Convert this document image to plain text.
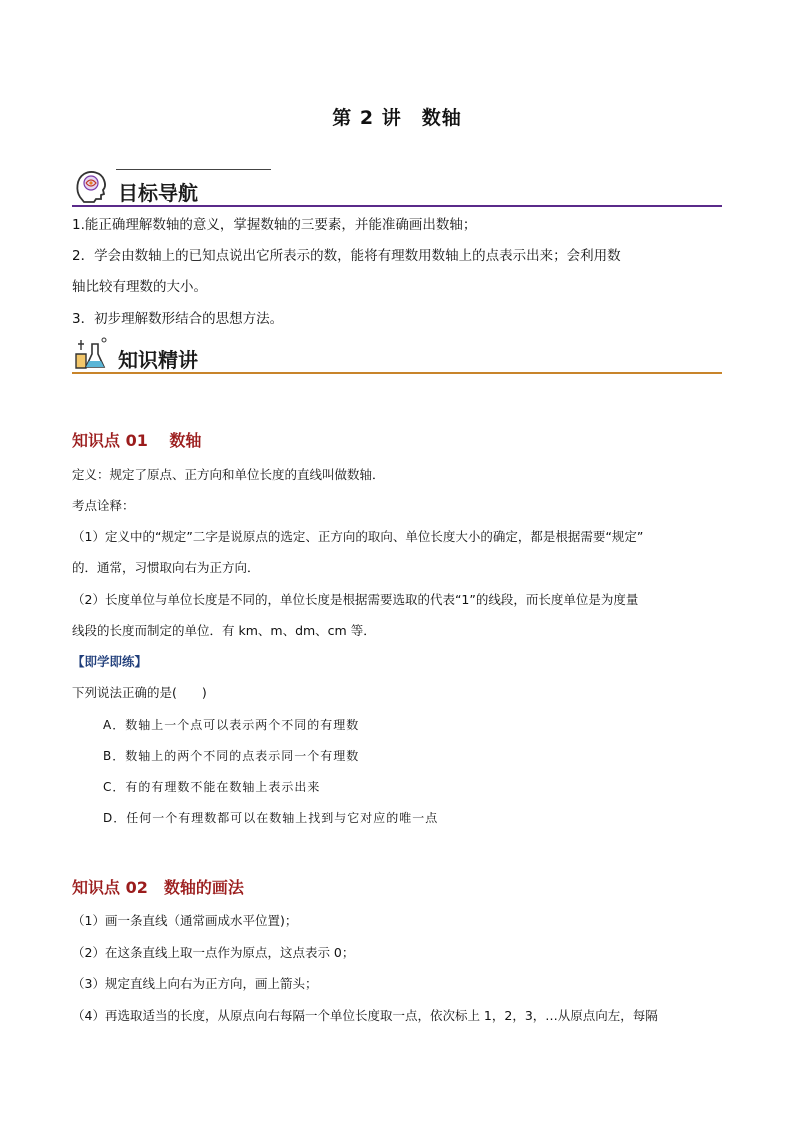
第 2 讲　数轴
目标导航
1.能正确理解数轴的意义，掌握数轴的三要素，并能准确画出数轴；
2．学会由数轴上的已知点说出它所表示的数，能将有理数用数轴上的点表示出来；会利用数
轴比较有理数的大小。
3．初步理解数形结合的思想方法。
知识精讲
知识点 01　 数轴
定义：规定了原点、正方向和单位长度的直线叫做数轴．
考点诠释：
（1）定义中的“规定”二字是说原点的选定、正方向的取向、单位长度大小的确定，都是根据需要“规定”
的．通常，习惯取向右为正方向．
（2）长度单位与单位长度是不同的，单位长度是根据需要选取的代表“1”的线段，而长度单位是为度量
线段的长度而制定的单位．有 km、m、dm、cm 等．
【即学即练】
下列说法正确的是(　　)
A．数轴上一个点可以表示两个不同的有理数
B．数轴上的两个不同的点表示同一个有理数
C．有的有理数不能在数轴上表示出来
D．任何一个有理数都可以在数轴上找到与它对应的唯一点
知识点 02　数轴的画法
（1）画一条直线（通常画成水平位置)；
（2）在这条直线上取一点作为原点，这点表示 0；
（3）规定直线上向右为正方向，画上箭头；
（4）再选取适当的长度，从原点向右每隔一个单位长度取一点，依次标上 1，2，3，…从原点向左，每隔
